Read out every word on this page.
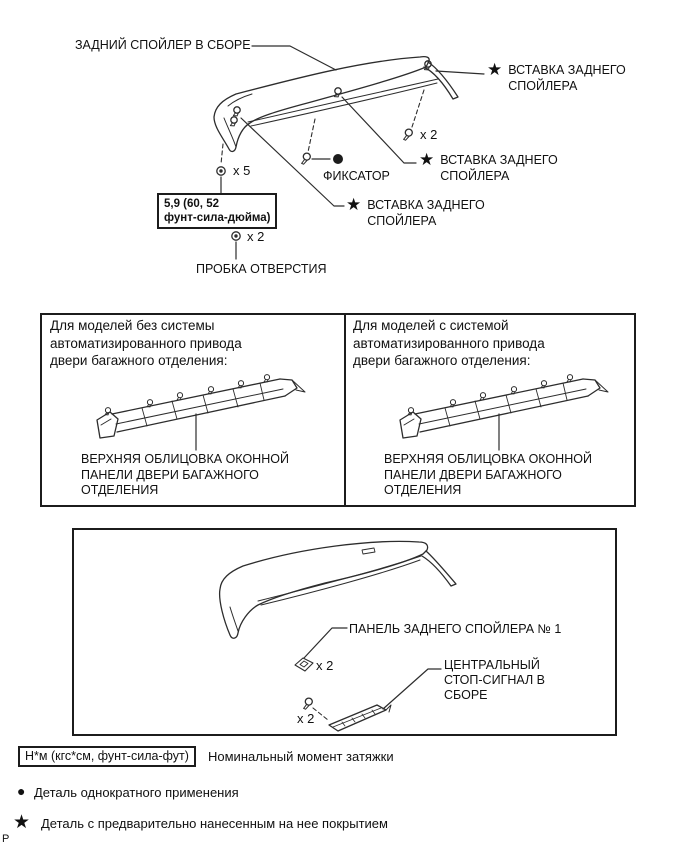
ЗАДНИЙ СПОЙЛЕР В СБОРЕ
★ ВСТАВКА ЗАДНЕГО
СПОЙЛЕРА
★ ВСТАВКА ЗАДНЕГО
СПОЙЛЕРА
★ ВСТАВКА ЗАДНЕГО
СПОЙЛЕРА
ФИКСАТОР
x 2
x 5
x 2
5,9 (60, 52
фунт-сила-дюйма)
ПРОБКА ОТВЕРСТИЯ
Для моделей без системы
автоматизированного привода
двери багажного отделения:
Для моделей с системой
автоматизированного привода
двери багажного отделения:
ВЕРХНЯЯ ОБЛИЦОВКА ОКОННОЙ
ПАНЕЛИ ДВЕРИ БАГАЖНОГО
ОТДЕЛЕНИЯ
ВЕРХНЯЯ ОБЛИЦОВКА ОКОННОЙ
ПАНЕЛИ ДВЕРИ БАГАЖНОГО
ОТДЕЛЕНИЯ
ПАНЕЛЬ ЗАДНЕГО СПОЙЛЕРА № 1
x 2	ЦЕНТРАЛЬНЫЙ
СТОП-СИГНАЛ В
СБОРЕ
x 2
Н*м (кгс*см, фунт-сила-фут)	Номинальный момент затяжки
● Деталь однократного применения
★ Деталь с предварительно нанесенным на нее покрытием
P
